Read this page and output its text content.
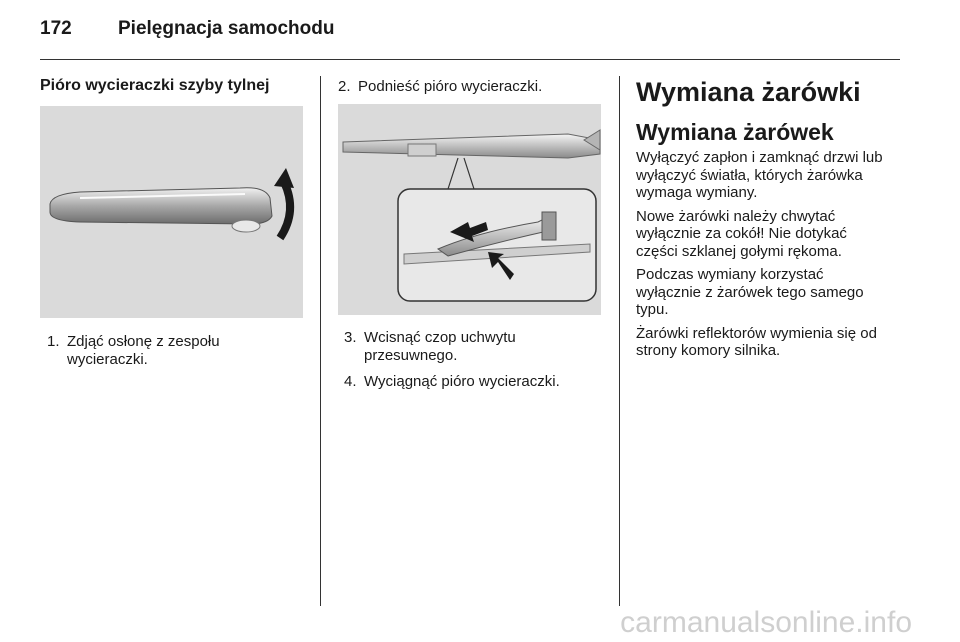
172	Pielęgnacja samochodu
Pióro wycieraczki szyby tylnej
1. Zdjąć osłonę z zespołu
wycieraczki.
2. Podnieść pióro wycieraczki.
3. Wcisnąć czop uchwytu
przesuwnego.
4. Wyciągnąć pióro wycieraczki.
Wymiana żarówki
Wymiana żarówek

Wyłączyć zapłon i zamknąć drzwi lub
wyłączyć światła, których żarówka
wymaga wymiany.

Nowe żarówki należy chwytać
wyłącznie za cokół! Nie dotykać
części szklanej gołymi rękoma.

Podczas wymiany korzystać
wyłącznie z żarówek tego samego
typu.

Żarówki reflektorów wymienia się od
strony komory silnika.

carmanualsonline.info
